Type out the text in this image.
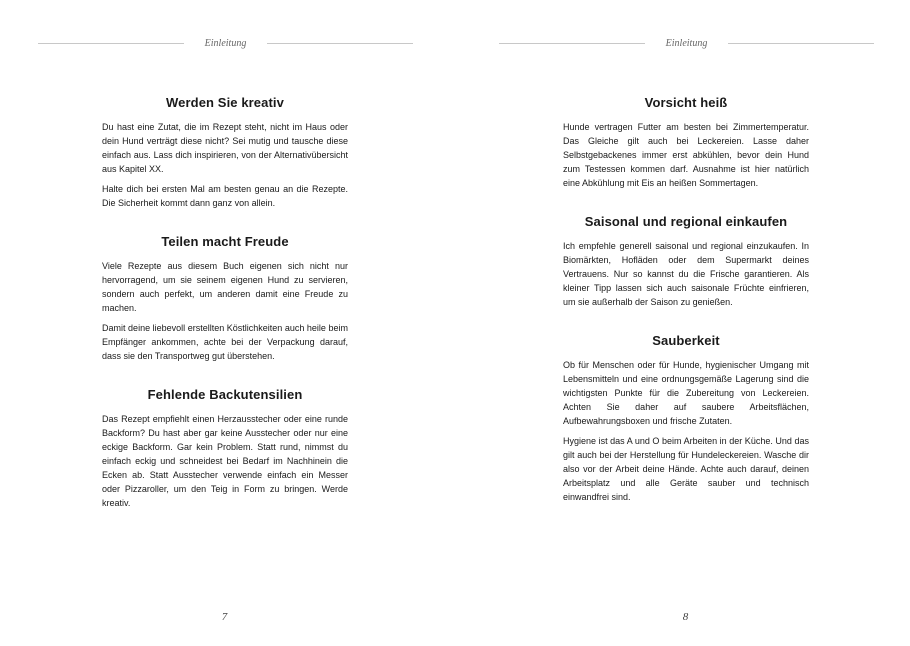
Einleitung
Werden Sie kreativ

Du hast eine Zutat, die im Rezept steht, nicht im Haus oder dein Hund verträgt diese nicht? Sei mutig und tausche diese einfach aus. Lass dich inspirieren, von der Alternativübersicht aus Kapitel XX.

Halte dich bei ersten Mal am besten genau an die Rezepte. Die Sicherheit kommt dann ganz von allein.

Teilen macht Freude

Viele Rezepte aus diesem Buch eigenen sich nicht nur hervorragend, um sie seinem eigenen Hund zu servieren, sondern auch perfekt, um anderen damit eine Freude zu machen.

Damit deine liebevoll erstellten Köstlichkeiten auch heile beim Empfänger ankommen, achte bei der Verpackung darauf, dass sie den Transportweg gut überstehen.

Fehlende Backutensilien

Das Rezept empfiehlt einen Herzausstecher oder eine runde Backform? Du hast aber gar keine Ausstecher oder nur eine eckige Backform. Gar kein Problem. Statt rund, nimmst du einfach eckig und schneidest bei Bedarf im Nachhinein die Ecken ab. Statt Ausstecher verwende einfach ein Messer oder Pizzaroller, um den Teig in Form zu bringen. Werde kreativ.

7
Einleitung
Vorsicht heiß

Hunde vertragen Futter am besten bei Zimmertemperatur. Das Gleiche gilt auch bei Leckereien. Lasse daher Selbstgebackenes immer erst abkühlen, bevor dein Hund zum Testessen kommen darf. Ausnahme ist hier natürlich eine Abkühlung mit Eis an heißen Sommertagen.

Saisonal und regional einkaufen

Ich empfehle generell saisonal und regional einzukaufen. In Biomärkten, Hofläden oder dem Supermarkt deines Vertrauens. Nur so kannst du die Frische garantieren. Als kleiner Tipp lassen sich auch saisonale Früchte einfrieren, um sie außerhalb der Saison zu genießen.

Sauberkeit

Ob für Menschen oder für Hunde, hygienischer Umgang mit Lebensmitteln und eine ordnungsgemäße Lagerung sind die wichtigsten Punkte für die Zubereitung von Leckereien. Achten Sie daher auf saubere Arbeitsflächen, Aufbewahrungsboxen und frische Zutaten.

Hygiene ist das A und O beim Arbeiten in der Küche. Und das gilt auch bei der Herstellung für Hundeleckereien. Wasche dir also vor der Arbeit deine Hände. Achte auch darauf, deinen Arbeitsplatz und alle Geräte sauber und technisch einwandfrei sind.

8
